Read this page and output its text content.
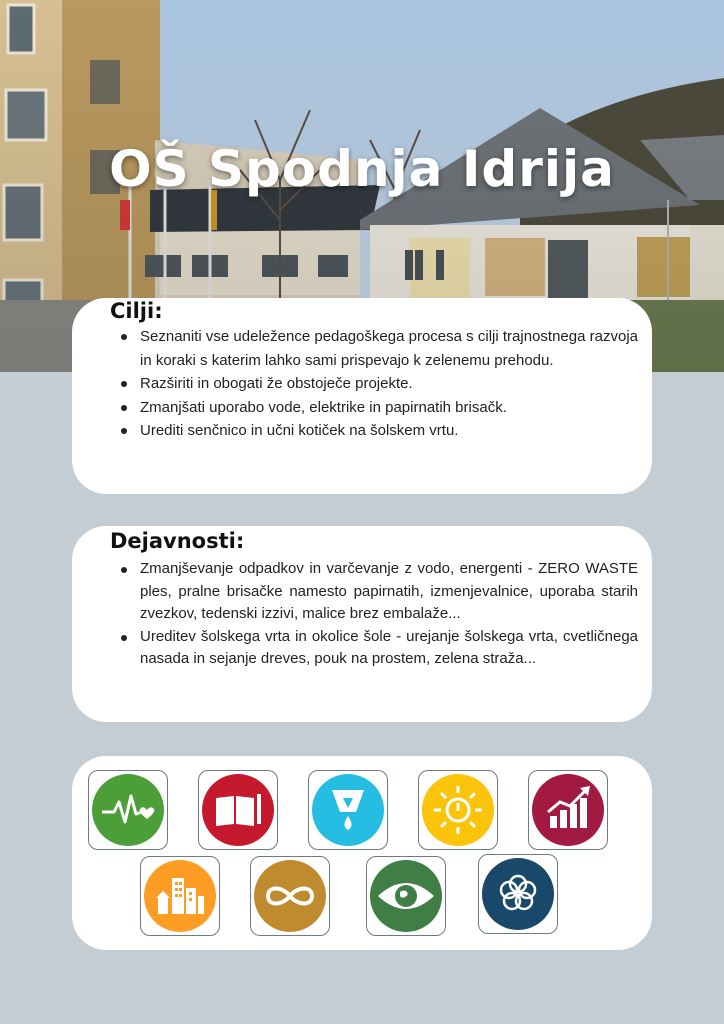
OŠ Spodnja Idrija
Cilji:
Seznaniti vse udeležence pedagoškega procesa s cilji trajnostnega razvoja in koraki s katerim lahko sami prispevajo k zelenemu prehodu.
Razširiti in obogati že obstoječe projekte.
Zmanjšati uporabo vode, elektrike in papirnatih brisačk.
Urediti senčnico in učni kotiček na šolskem vrtu.
Dejavnosti:
Zmanjševanje odpadkov in varčevanje z vodo, energenti - ZERO WASTE ples, pralne brisačke namesto papirnatih, izmenjevalnice, uporaba starih zvezkov, tedenski izzivi, malice brez embalaže...
Ureditev šolskega vrta in okolice šole - urejanje šolskega vrta, cvetličnega nasada in sejanje dreves, pouk na prostem, zelena straža...
